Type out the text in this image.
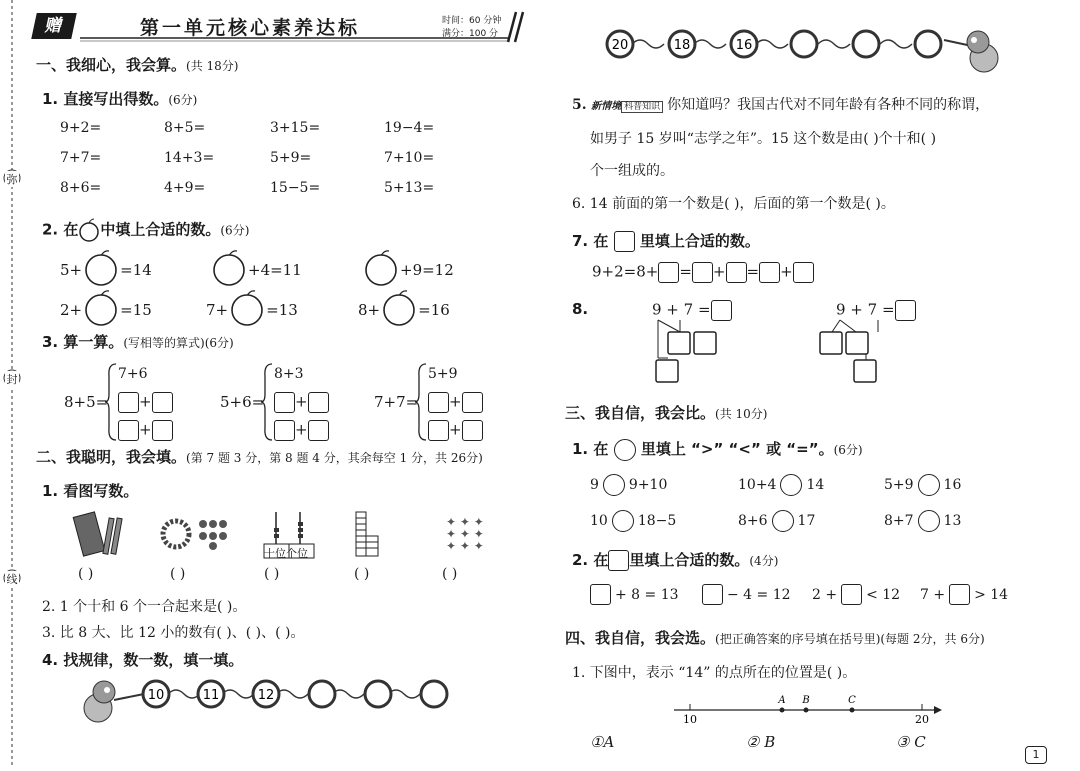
弥
封
线
赠	第一单元核心素养达标	时间：60 分钟
满分：100 分
一、我细心，我会算。(共 18分)
1. 直接写出得数。(6分)
9+2=	8+5=	3+15=	19−4=
7+7=	14+3=	5+9=	7+10=
8+6=	4+9=	15−5=	5+13=
2. 在 中填上合适的数。(6分)
5+	=14	+4=11	+9=12
2+	=15	7+	=13	8+	=16
3. 算一算。(写相等的算式)(6分)
8+5=
7+6
+
+
5+6=
8+3
+
+
7+7=
5+9
+
+
二、我聪明，我会填。(第 7 题 3 分，第 8 题 4 分，其余每空 1 分，共 26分)
1. 看图写数。
✦ ✦ ✦
✦ ✦ ✦
✦ ✦ ✦
十位个位
( )	( )	( )	( )	( )
2. 1 个十和 6 个一合起来是( )。
3. 比 8 大、比 12 小的数有( )、( )、( )。
4. 找规律，数一数，填一填。
10	11	12
20	18	16
5. 新情境 科普知识 你知道吗？我国古代对不同年龄有各种不同的称谓，
如男子 15 岁叫“志学之年”。15 这个数是由( )个十和( )
个一组成的。
6. 14 前面的第一个数是( )，后面的第一个数是( )。
7. 在 里填上合适的数。
9+2=8+ = + = +
8.	9 + 7 =	9 + 7 =
三、我自信，我会比。(共 10分)
1. 在 里填上 “>” “<” 或 “=”。(6分)
9 9+10	10+4 14	5+9 16
10 18−5	8+6 17	8+7 13
2. 在 里填上合适的数。(4分)
+ 8 = 13	− 4 = 12 2 + < 12 7 + > 14
四、我自信，我会选。(把正确答案的序号填在括号里)(每题 2分，共 6分)
1. 下图中，表示 “14” 的点所在的位置是( )。
10	20
A B	C
①A	② B	③ C
1
